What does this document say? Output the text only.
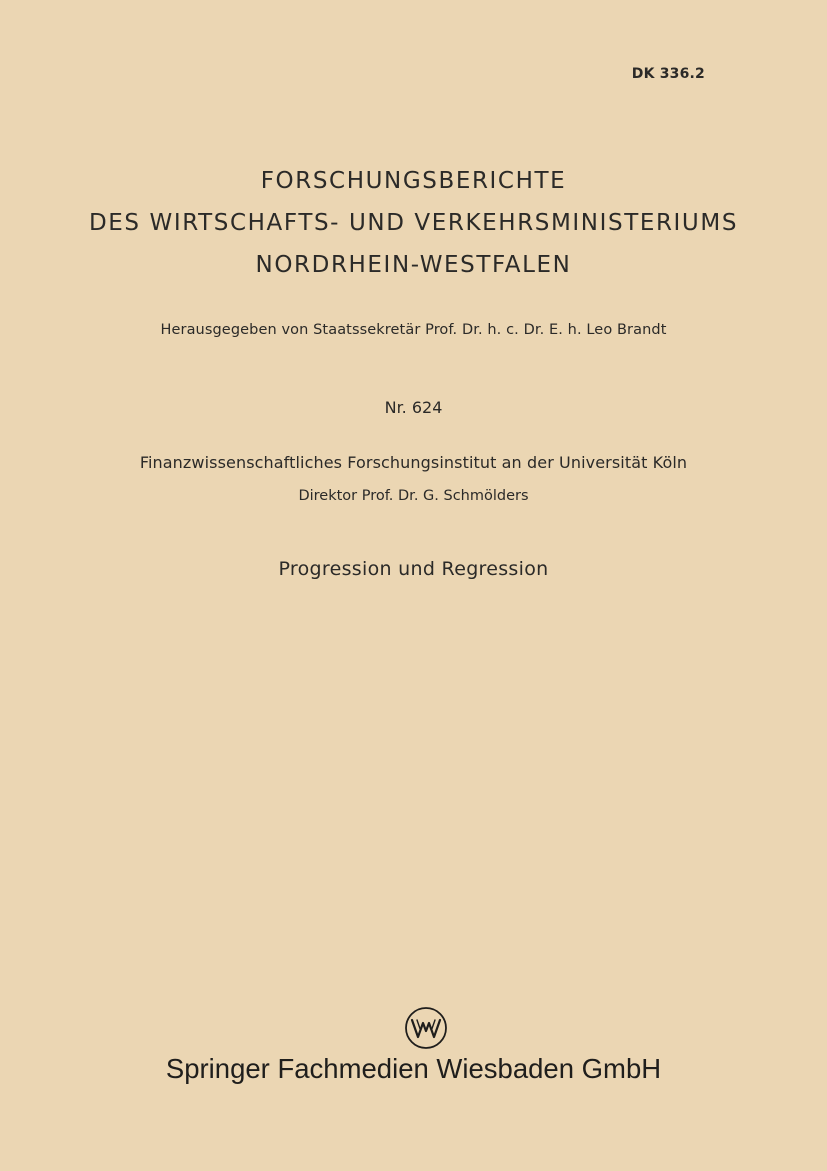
DK 336.2
FORSCHUNGSBERICHTE
DES WIRTSCHAFTS- UND VERKEHRSMINISTERIUMS
NORDRHEIN-WESTFALEN
Herausgegeben von Staatssekretär Prof. Dr. h. c. Dr. E. h. Leo Brandt
Nr. 624
Finanzwissenschaftliches Forschungsinstitut an der Universität Köln
Direktor Prof. Dr. G. Schmölders
Progression und Regression
Springer Fachmedien Wiesbaden GmbH
